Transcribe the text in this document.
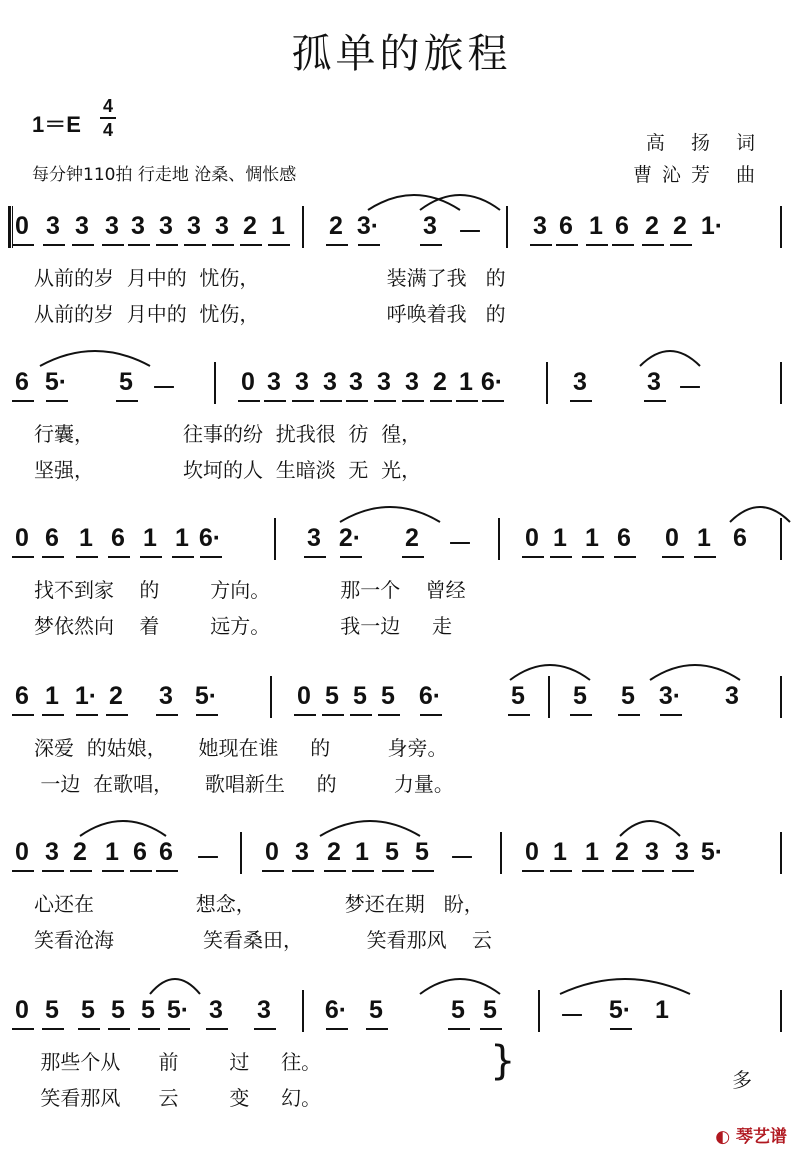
孤单的旅程
1＝E
4
4
每分钟110拍 行走地 沧桑、惆怅感
高 扬 词
曹沁芳 曲
0 3 3 3 3 3 3 3 2 1 2 3· 3 － 3 6 1 6 2 2 1·
从前的岁  月中的  忧伤，                    装满了我   的
从前的岁  月中的  忧伤，                    呼唤着我   的
6 5· 5 －	0 3 3 3 3 3 3 2 1 6·	3 3 －
行囊，              往事的纷  扰我很  彷  徨，
坚强，              坎坷的人  生暗淡  无  光，
0 6 1 6 1 1 6·	3 2· 2 － 0 1 1 6 0 1 6
找不到家    的        方向。           那一个    曾经
梦依然向    着        远方。           我一边     走
6 1 1· 2 3 5·	0 5 5 5 6·	5 5 5 3· 3
深爱  的姑娘，     她现在谁     的         身旁。
一边  在歌唱，     歌唱新生     的         力量。
0 3 2 1 6 6 － 0 3 2 1 5 5 － 0 1 1 2 3 3 5·
心还在                想念，              梦还在期   盼，
笑看沧海              笑看桑田，          笑看那风    云
0 5 5 5 5 5· 3 3 6· 5	5 5	－ 5· 1
那些个从      前        过     往。
笑看那风      云        变     幻。
}	多
◐ 琴艺谱
